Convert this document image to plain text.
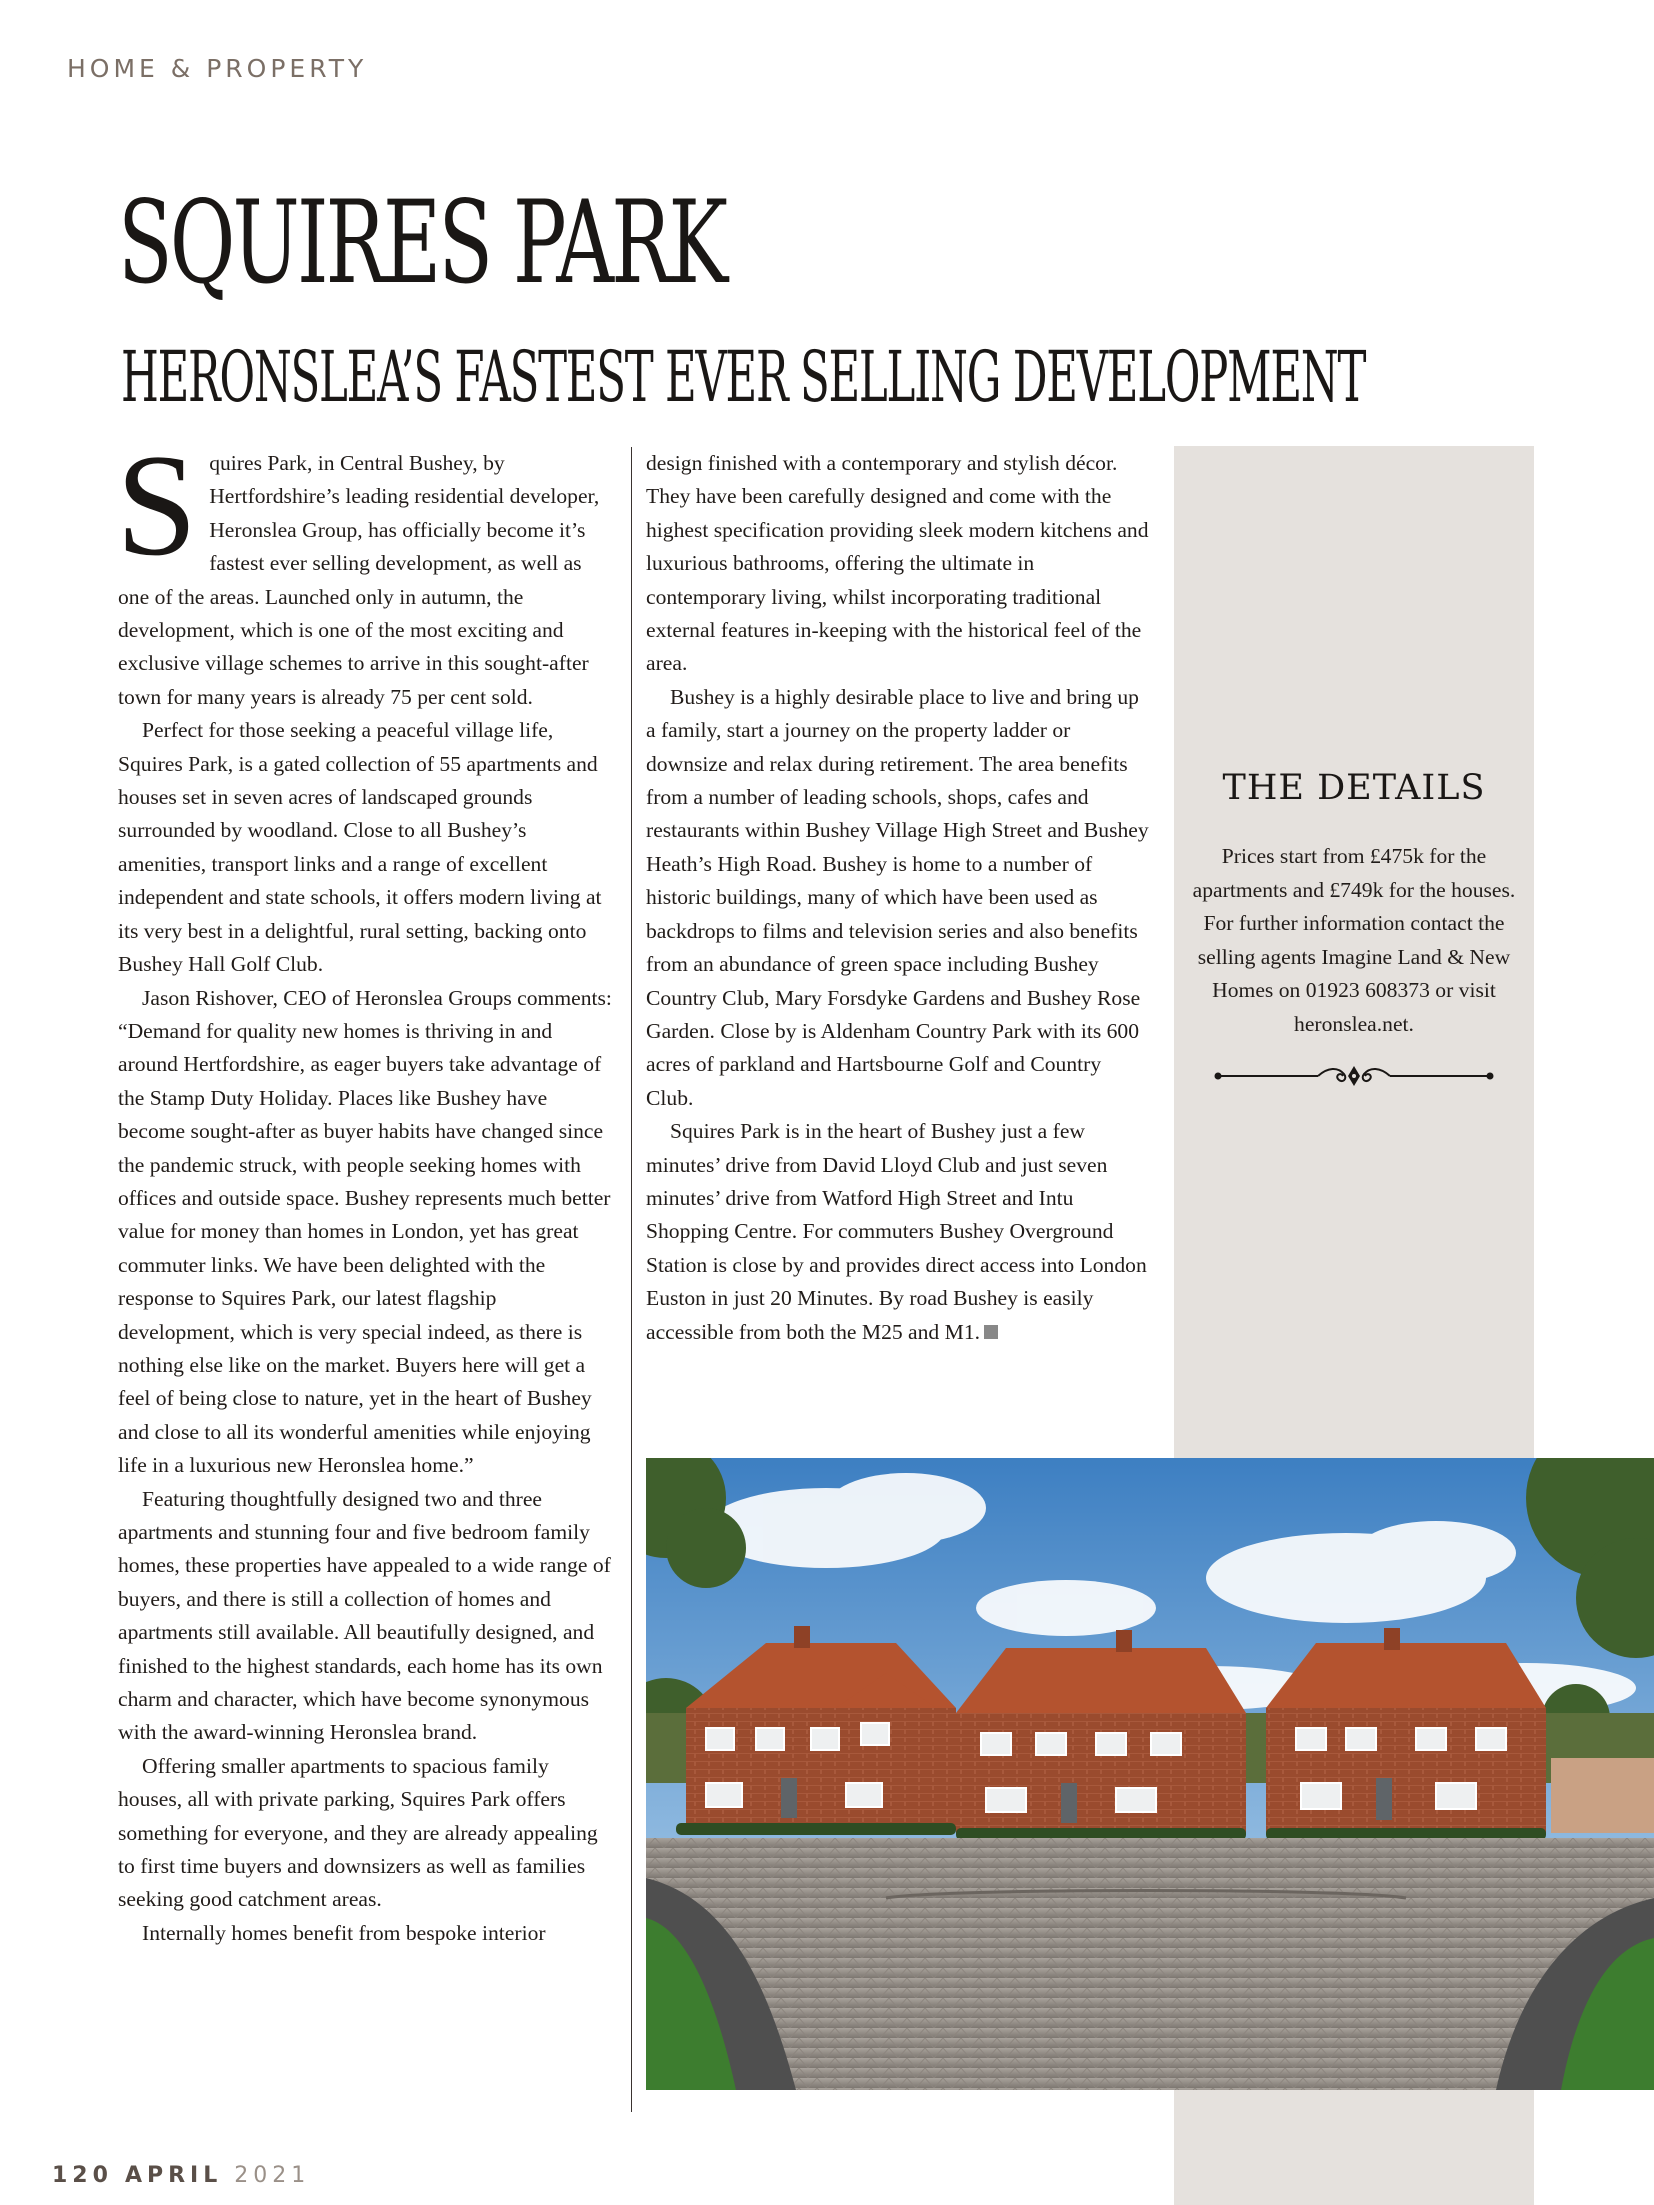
HOME & PROPERTY
SQUIRES PARK
HERONSLEA’S FASTEST EVER SELLING DEVELOPMENT

Squires Park, in Central Bushey, by Hertfordshire’s leading residential developer, Heronslea Group, has officially become it’s fastest ever selling development, as well as one of the areas. Launched only in autumn, the development, which is one of the most exciting and exclusive village schemes to arrive in this sought-after town for many years is already 75 per cent sold.

Perfect for those seeking a peaceful village life, Squires Park, is a gated collection of 55 apartments and houses set in seven acres of landscaped grounds surrounded by woodland. Close to all Bushey’s amenities, transport links and a range of excellent independent and state schools, it offers modern living at its very best in a delightful, rural setting, backing onto Bushey Hall Golf Club.

Jason Rishover, CEO of Heronslea Groups comments: “Demand for quality new homes is thriving in and around Hertfordshire, as eager buyers take advantage of the Stamp Duty Holiday. Places like Bushey have become sought-after as buyer habits have changed since the pandemic struck, with people seeking homes with offices and outside space. Bushey represents much better value for money than homes in London, yet has great commuter links. We have been delighted with the response to Squires Park, our latest flagship development, which is very special indeed, as there is nothing else like on the market. Buyers here will get a feel of being close to nature, yet in the heart of Bushey and close to all its wonderful amenities while enjoying life in a luxurious new Heronslea home.”

Featuring thoughtfully designed two and three apartments and stunning four and five bedroom family homes, these properties have appealed to a wide range of buyers, and there is still a collection of homes and apartments still available. All beautifully designed, and finished to the highest standards, each home has its own charm and character, which have become synonymous with the award-winning Heronslea brand.

Offering smaller apartments to spacious family houses, all with private parking, Squires Park offers something for everyone, and they are already appealing to first time buyers and downsizers as well as families seeking good catchment areas.

Internally homes benefit from bespoke interior

design finished with a contemporary and stylish décor. They have been carefully designed and come with the highest specification providing sleek modern kitchens and luxurious bathrooms, offering the ultimate in contemporary living, whilst incorporating traditional external features in-keeping with the historical feel of the area.

Bushey is a highly desirable place to live and bring up a family, start a journey on the property ladder or downsize and relax during retirement. The area benefits from a number of leading schools, shops, cafes and restaurants within Bushey Village High Street and Bushey Heath’s High Road. Bushey is home to a number of historic buildings, many of which have been used as backdrops to films and television series and also benefits from an abundance of green space including Bushey Country Club, Mary Forsdyke Gardens and Bushey Rose Garden. Close by is Aldenham Country Park with its 600 acres of parkland and Hartsbourne Golf and Country Club.

Squires Park is in the heart of Bushey just a few minutes’ drive from David Lloyd Club and just seven minutes’ drive from Watford High Street and Intu Shopping Centre. For commuters Bushey Overground Station is close by and provides direct access into London Euston in just 20 Minutes. By road Bushey is easily accessible from both the M25 and M1.

THE DETAILS
Prices start from £475k for the apartments and £749k for the houses. For further information contact the selling agents Imagine Land & New Homes on 01923 608373 or visit heronslea.net.
120 APRIL 2021
